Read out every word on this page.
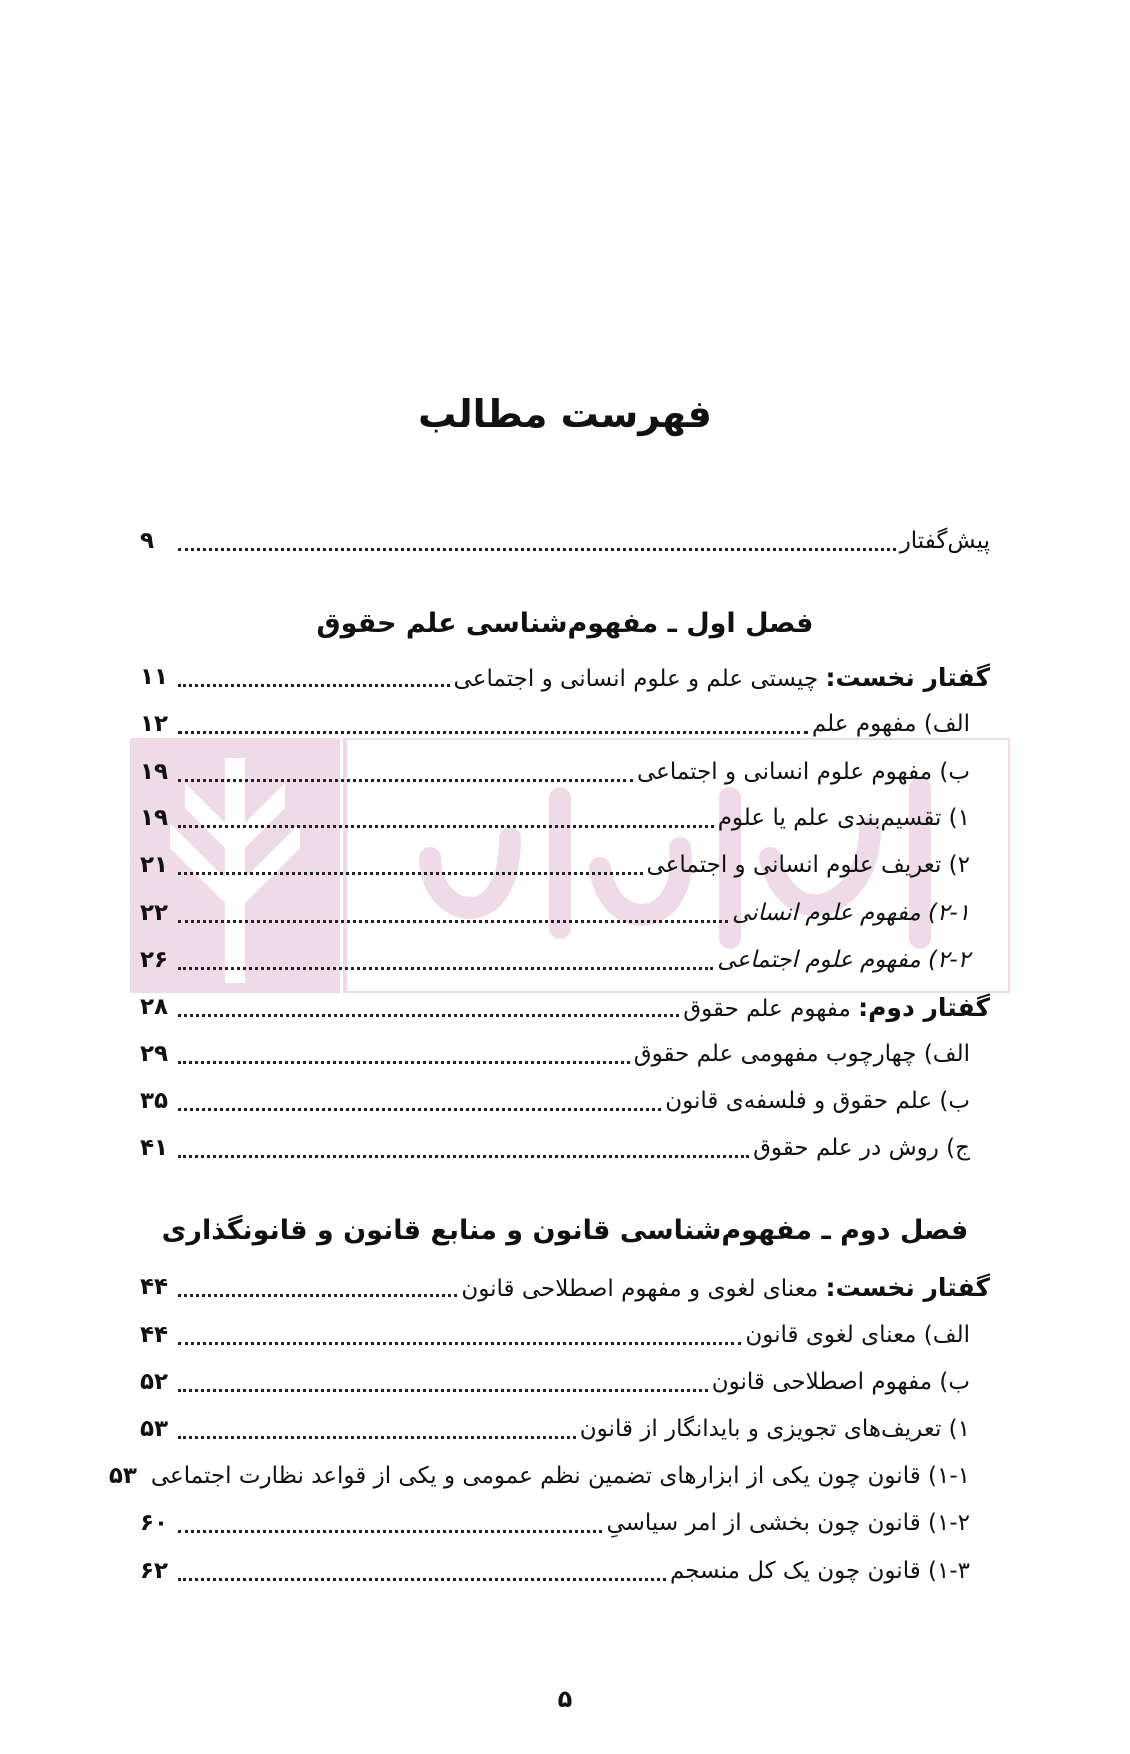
فهرست مطالب
پیش‌گفتار
۹
فصل اول ـ مفهوم‌شناسی علم حقوق
گفتار نخست: چیستی علم و علوم انسانی و اجتماعی
۱۱
الف) مفهوم علم
۱۲
ب) مفهوم علوم انسانی و اجتماعی
۱۹
۱) تقسیم‌بندی علم یا علوم
۱۹
۲) تعریف علوم انسانی و اجتماعی
۲۱
۲-۱) مفهوم علوم انسانی
۲۲
۲-۲) مفهوم علوم اجتماعی
۲۶
گفتار دوم: مفهوم علم حقوق
۲۸
الف) چهارچوب مفهومی علم حقوق
۲۹
ب) علم حقوق و فلسفه‌ی قانون
۳۵
ج) روش در علم حقوق
۴۱
فصل دوم ـ مفهوم‌شناسی قانون و منابع قانون و قانونگذاری
گفتار نخست: معنای لغوی و مفهوم اصطلاحی قانون
۴۴
الف) معنای لغوی قانون
۴۴
ب) مفهوم اصطلاحی قانون
۵۲
۱) تعریف‌های تجویزی و بایدانگار از قانون
۵۳
۱-۱) قانون چون یکی از ابزارهای تضمین نظم عمومی و یکی از قواعد نظارت اجتماعی
۵۳
۱-۲) قانون چون بخشی از امر سیاسیِ
۶۰
۱-۳) قانون چون یک کل منسجم
۶۲
۵
